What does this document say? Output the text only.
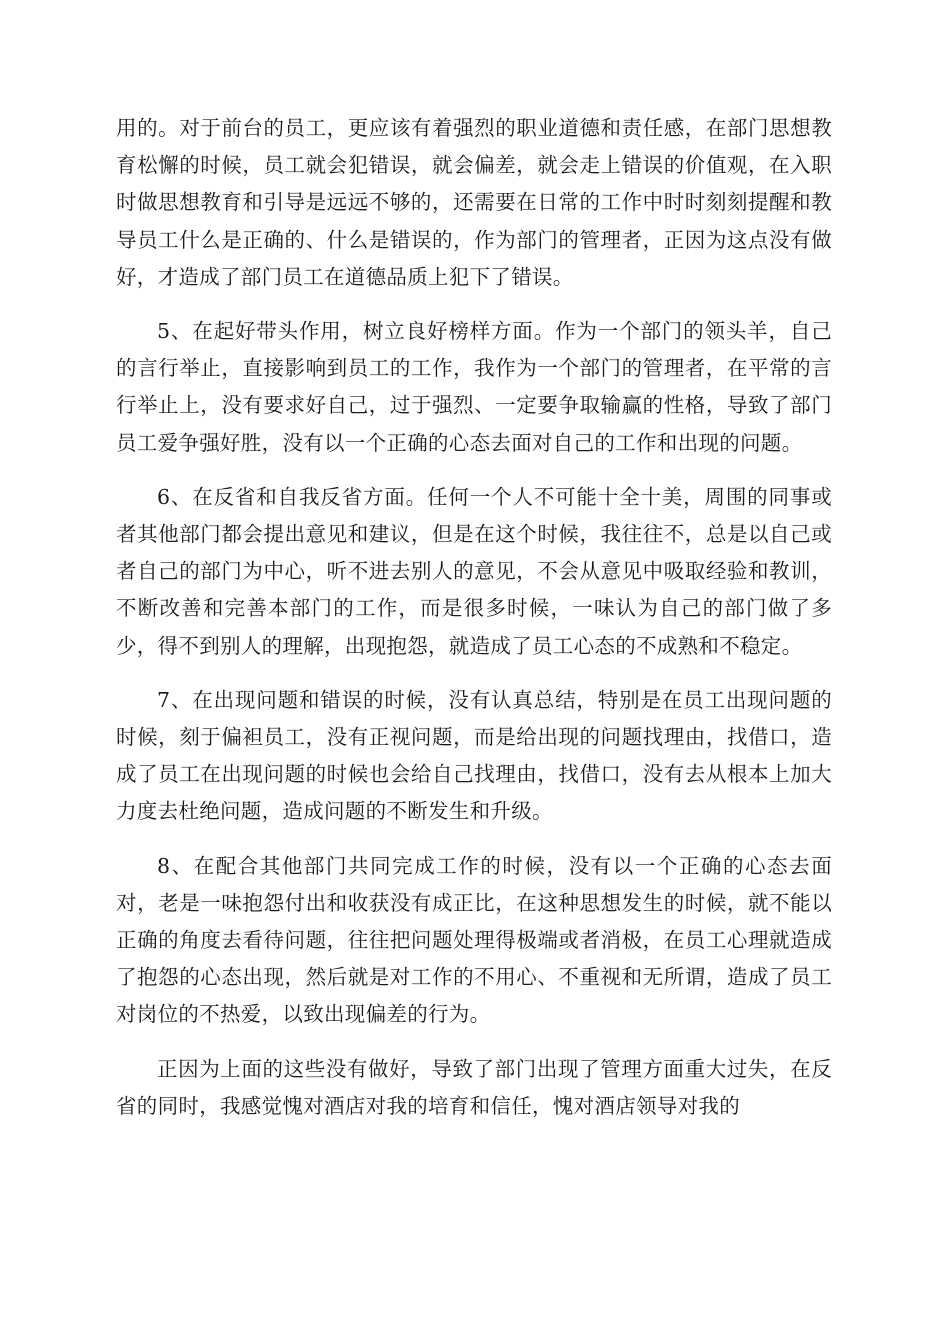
用的。对于前台的员工，更应该有着强烈的职业道德和责任感，在部门思想教育松懈的时候，员工就会犯错误，就会偏差，就会走上错误的价值观，在入职时做思想教育和引导是远远不够的，还需要在日常的工作中时时刻刻提醒和教导员工什么是正确的、什么是错误的，作为部门的管理者，正因为这点没有做好，才造成了部门员工在道德品质上犯下了错误。

5、在起好带头作用，树立良好榜样方面。作为一个部门的领头羊，自己的言行举止，直接影响到员工的工作，我作为一个部门的管理者，在平常的言行举止上，没有要求好自己，过于强烈、一定要争取输赢的性格，导致了部门员工爱争强好胜，没有以一个正确的心态去面对自己的工作和出现的问题。

6、在反省和自我反省方面。任何一个人不可能十全十美，周围的同事或者其他部门都会提出意见和建议，但是在这个时候，我往往不，总是以自己或者自己的部门为中心，听不进去别人的意见，不会从意见中吸取经验和教训，不断改善和完善本部门的工作，而是很多时候，一味认为自己的部门做了多少，得不到别人的理解，出现抱怨，就造成了员工心态的不成熟和不稳定。

7、在出现问题和错误的时候，没有认真总结，特别是在员工出现问题的时候，刻于偏袒员工，没有正视问题，而是给出现的问题找理由，找借口，造成了员工在出现问题的时候也会给自己找理由，找借口，没有去从根本上加大力度去杜绝问题，造成问题的不断发生和升级。

8、在配合其他部门共同完成工作的时候，没有以一个正确的心态去面对，老是一味抱怨付出和收获没有成正比，在这种思想发生的时候，就不能以正确的角度去看待问题，往往把问题处理得极端或者消极，在员工心理就造成了抱怨的心态出现，然后就是对工作的不用心、不重视和无所谓，造成了员工对岗位的不热爱，以致出现偏差的行为。

正因为上面的这些没有做好，导致了部门出现了管理方面重大过失，在反省的同时，我感觉愧对酒店对我的培育和信任，愧对酒店领导对我的
